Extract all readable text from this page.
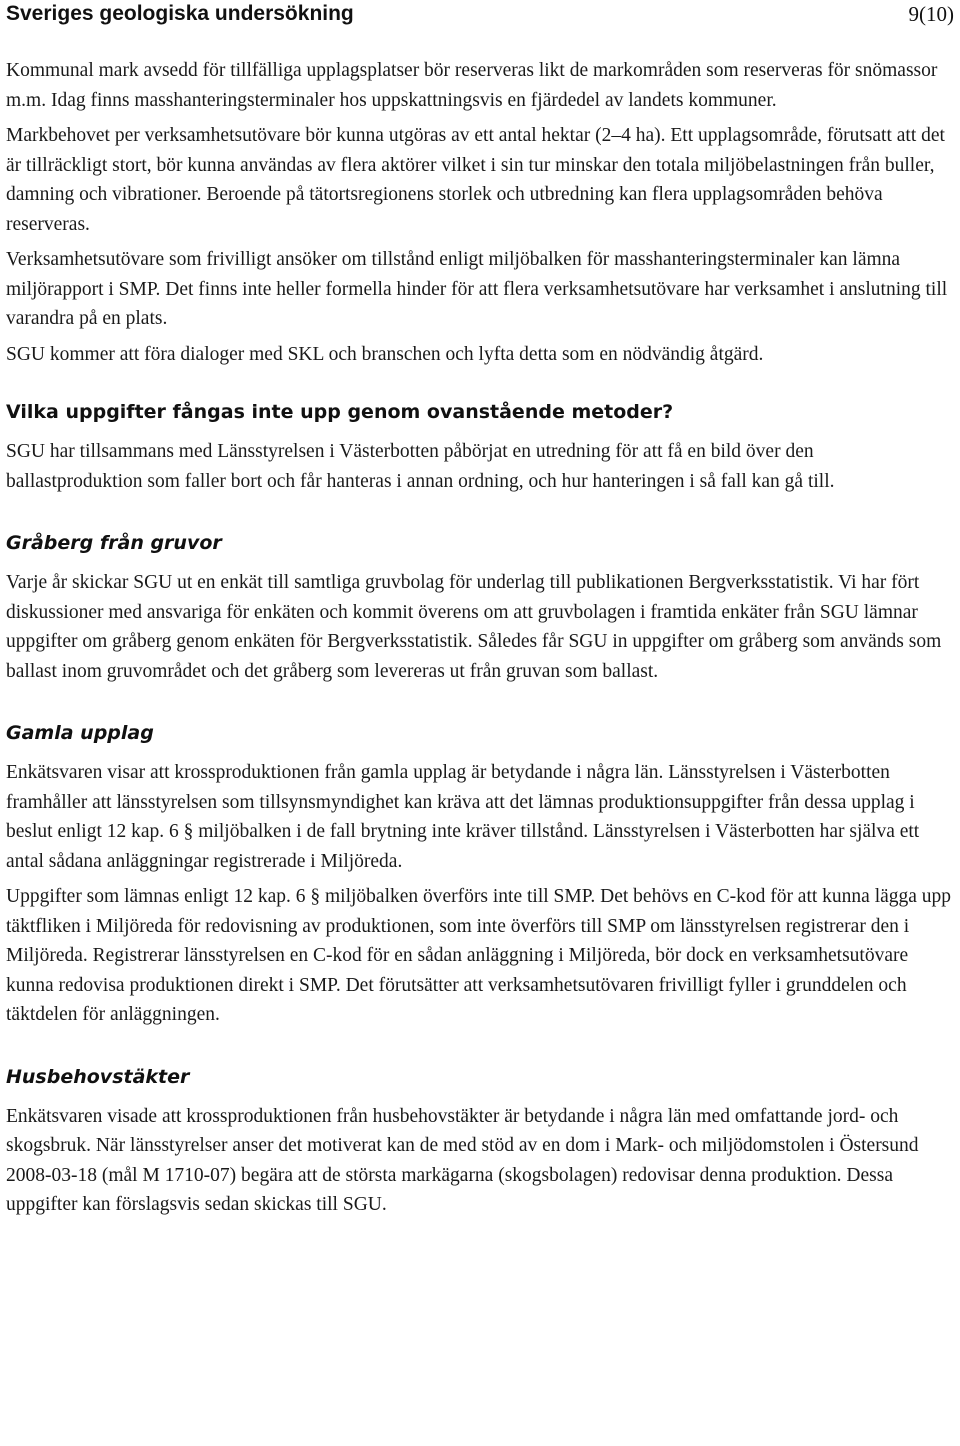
Sveriges geologiska undersökning	9(10)

Kommunal mark avsedd för tillfälliga upplagsplatser bör reserveras likt de markområden som reserveras för snömassor m.m. Idag finns masshanteringsterminaler hos uppskattningsvis en fjärdedel av landets kommuner.

Markbehovet per verksamhetsutövare bör kunna utgöras av ett antal hektar (2–4 ha). Ett upplagsområde, förutsatt att det är tillräckligt stort, bör kunna användas av flera aktörer vilket i sin tur minskar den totala miljöbelastningen från buller, damning och vibrationer. Beroende på tätortsregionens storlek och utbredning kan flera upplagsområden behöva reserveras.

Verksamhetsutövare som frivilligt ansöker om tillstånd enligt miljöbalken för masshanteringsterminaler kan lämna miljörapport i SMP. Det finns inte heller formella hinder för att flera verksamhetsutövare har verksamhet i anslutning till varandra på en plats.

SGU kommer att föra dialoger med SKL och branschen och lyfta detta som en nödvändig åtgärd.

Vilka uppgifter fångas inte upp genom ovanstående metoder?

SGU har tillsammans med Länsstyrelsen i Västerbotten påbörjat en utredning för att få en bild över den ballastproduktion som faller bort och får hanteras i annan ordning, och hur hanteringen i så fall kan gå till.

Gråberg från gruvor

Varje år skickar SGU ut en enkät till samtliga gruvbolag för underlag till publikationen Bergverksstatistik. Vi har fört diskussioner med ansvariga för enkäten och kommit överens om att gruvbolagen i framtida enkäter från SGU lämnar uppgifter om gråberg genom enkäten för Bergverksstatistik. Således får SGU in uppgifter om gråberg som används som ballast inom gruvområdet och det gråberg som levereras ut från gruvan som ballast.

Gamla upplag

Enkätsvaren visar att krossproduktionen från gamla upplag är betydande i några län. Länsstyrelsen i Västerbotten framhåller att länsstyrelsen som tillsynsmyndighet kan kräva att det lämnas produktionsuppgifter från dessa upplag i beslut enligt 12 kap. 6 § miljöbalken i de fall brytning inte kräver tillstånd. Länsstyrelsen i Västerbotten har själva ett antal sådana anläggningar registrerade i Miljöreda.

Uppgifter som lämnas enligt 12 kap. 6 § miljöbalken överförs inte till SMP. Det behövs en C-kod för att kunna lägga upp täktfliken i Miljöreda för redovisning av produktionen, som inte överförs till SMP om länsstyrelsen registrerar den i Miljöreda. Registrerar länsstyrelsen en C-kod för en sådan anläggning i Miljöreda, bör dock en verksamhetsutövare kunna redovisa produktionen direkt i SMP. Det förutsätter att verksamhetsutövaren frivilligt fyller i grunddelen och täktdelen för anläggningen.

Husbehovstäkter

Enkätsvaren visade att krossproduktionen från husbehovstäkter är betydande i några län med omfattande jord- och skogsbruk. När länsstyrelser anser det motiverat kan de med stöd av en dom i Mark- och miljödomstolen i Östersund 2008-03-18 (mål M 1710-07) begära att de största markägarna (skogsbolagen) redovisar denna produktion. Dessa uppgifter kan förslagsvis sedan skickas till SGU.
